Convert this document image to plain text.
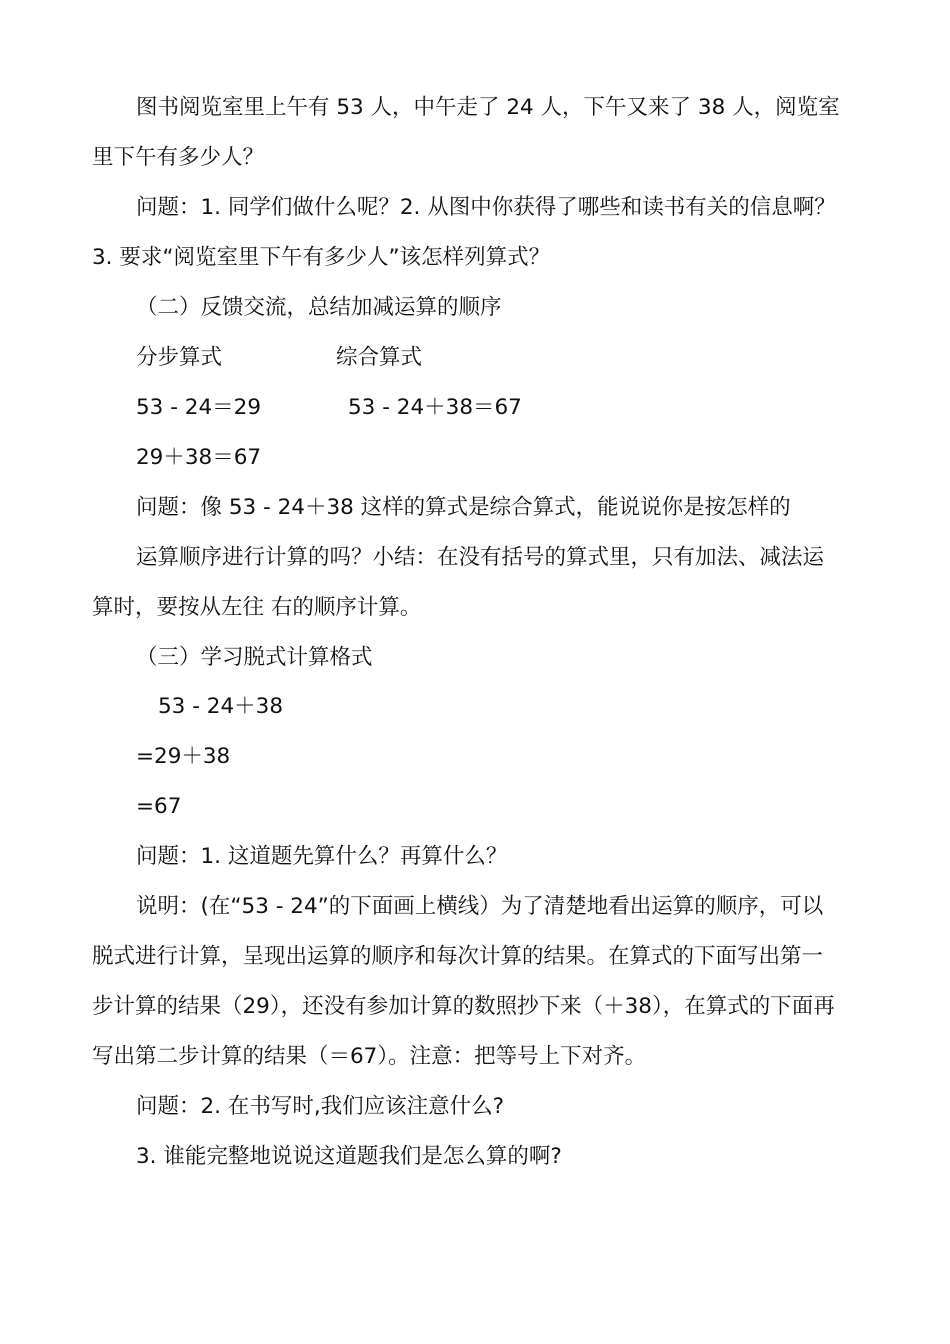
图书阅览室里上午有 53 人，中午走了 24 人，下午又来了 38 人，阅览室
里下午有多少人？
问题：1. 同学们做什么呢？2. 从图中你获得了哪些和读书有关的信息啊？
3. 要求“阅览室里下午有多少人”该怎样列算式？
（二）反馈交流，总结加减运算的顺序
分步算式	综合算式
53 - 24＝29	53 - 24＋38＝67
29＋38＝67
问题：像 53 - 24＋38 这样的算式是综合算式，能说说你是按怎样的
运算顺序进行计算的吗？小结：在没有括号的算式里，只有加法、减法运
算时，要按从左往 右的顺序计算。
（三）学习脱式计算格式
53 - 24＋38
=29＋38
=67
问题：1. 这道题先算什么？再算什么？
说明：(在“53 - 24”的下面画上横线）为了清楚地看出运算的顺序，可以
脱式进行计算，呈现出运算的顺序和每次计算的结果。在算式的下面写出第一
步计算的结果（29），还没有参加计算的数照抄下来（＋38），在算式的下面再
写出第二步计算的结果（＝67）。注意：把等号上下对齐。
问题：2. 在书写时,我们应该注意什么?
3. 谁能完整地说说这道题我们是怎么算的啊?
